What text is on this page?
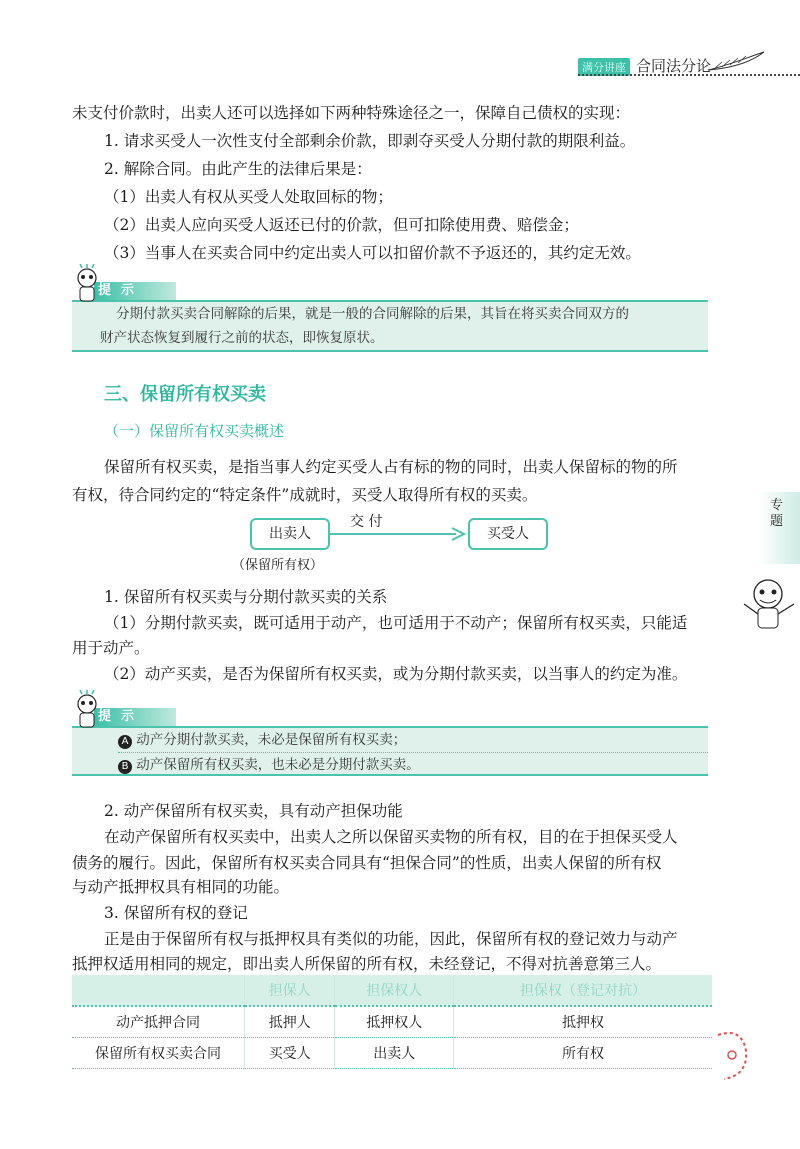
满分讲座 合同法分论
未支付价款时，出卖人还可以选择如下两种特殊途径之一，保障自己债权的实现：
1. 请求买受人一次性支付全部剩余价款，即剥夺买受人分期付款的期限利益。
2. 解除合同。由此产生的法律后果是：
（1）出卖人有权从买受人处取回标的物；
（2）出卖人应向买受人返还已付的价款，但可扣除使用费、赔偿金；
（3）当事人在买卖合同中约定出卖人可以扣留价款不予返还的，其约定无效。
提示
分期付款买卖合同解除的后果，就是一般的合同解除的后果，其旨在将买卖合同双方的
财产状态恢复到履行之前的状态，即恢复原状。
三、保留所有权买卖
（一）保留所有权买卖概述
保留所有权买卖，是指当事人约定买受人占有标的物的同时，出卖人保留标的物的所
有权，待合同约定的“特定条件”成就时，买受人取得所有权的买卖。
出卖人
交 付
买受人
（保留所有权）
专题
1. 保留所有权买卖与分期付款买卖的关系
（1）分期付款买卖，既可适用于动产，也可适用于不动产；保留所有权买卖，只能适
用于动产。
（2）动产买卖，是否为保留所有权买卖，或为分期付款买卖，以当事人的约定为准。
提示
A 动产分期付款买卖，未必是保留所有权买卖；
B 动产保留所有权买卖，也未必是分期付款买卖。
2. 动产保留所有权买卖，具有动产担保功能
在动产保留所有权买卖中，出卖人之所以保留买卖物的所有权，目的在于担保买受人
债务的履行。因此，保留所有权买卖合同具有“担保合同”的性质，出卖人保留的所有权
与动产抵押权具有相同的功能。
3. 保留所有权的登记
正是由于保留所有权与抵押权具有类似的功能，因此，保留所有权的登记效力与动产
抵押权适用相同的规定，即出卖人所保留的所有权，未经登记，不得对抗善意第三人。
	担保人	担保权人	担保权（登记对抗）
动产抵押合同	抵押人	抵押权人	抵押权
保留所有权买卖合同	买受人	出卖人	所有权
